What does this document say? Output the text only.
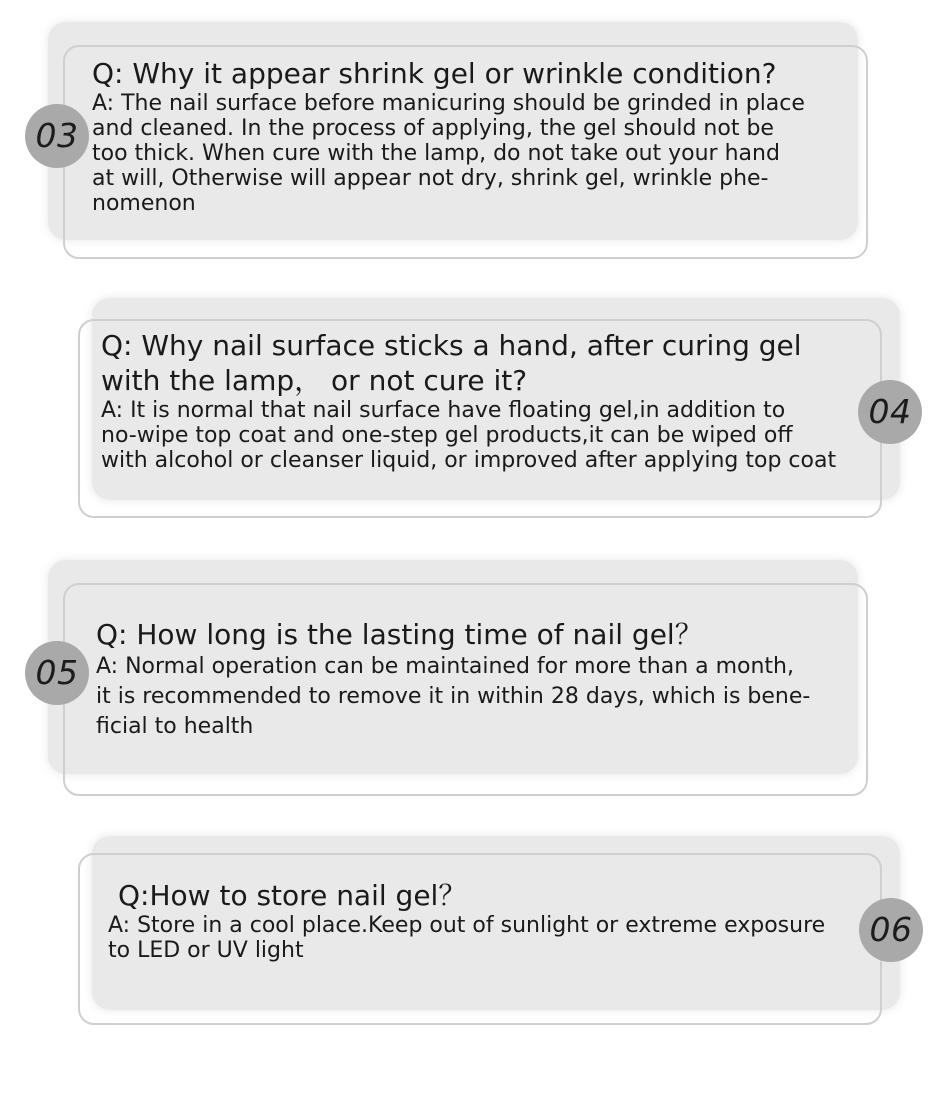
03
Q: Why it appear shrink gel or wrinkle condition?
A: The nail surface before manicuring should be grinded in place
and cleaned. In the process of applying, the gel should not be
too thick. When cure with the lamp, do not take out your hand
at will, Otherwise will appear not dry, shrink gel, wrinkle phe-
nomenon
04
Q: Why nail surface sticks a hand, after curing gel
with the lamp， or not cure it?
A: It is normal that nail surface have floating gel,in addition to
no-wipe top coat and one-step gel products,it can be wiped off
with alcohol or cleanser liquid, or improved after applying top coat
05
Q: How long is the lasting time of nail gel？
A: Normal operation can be maintained for more than a month,
it is recommended to remove it in within 28 days, which is bene-
ficial to health
06
Q:How to store nail gel？
A: Store in a cool place.Keep out of sunlight or extreme exposure
to LED or UV light
